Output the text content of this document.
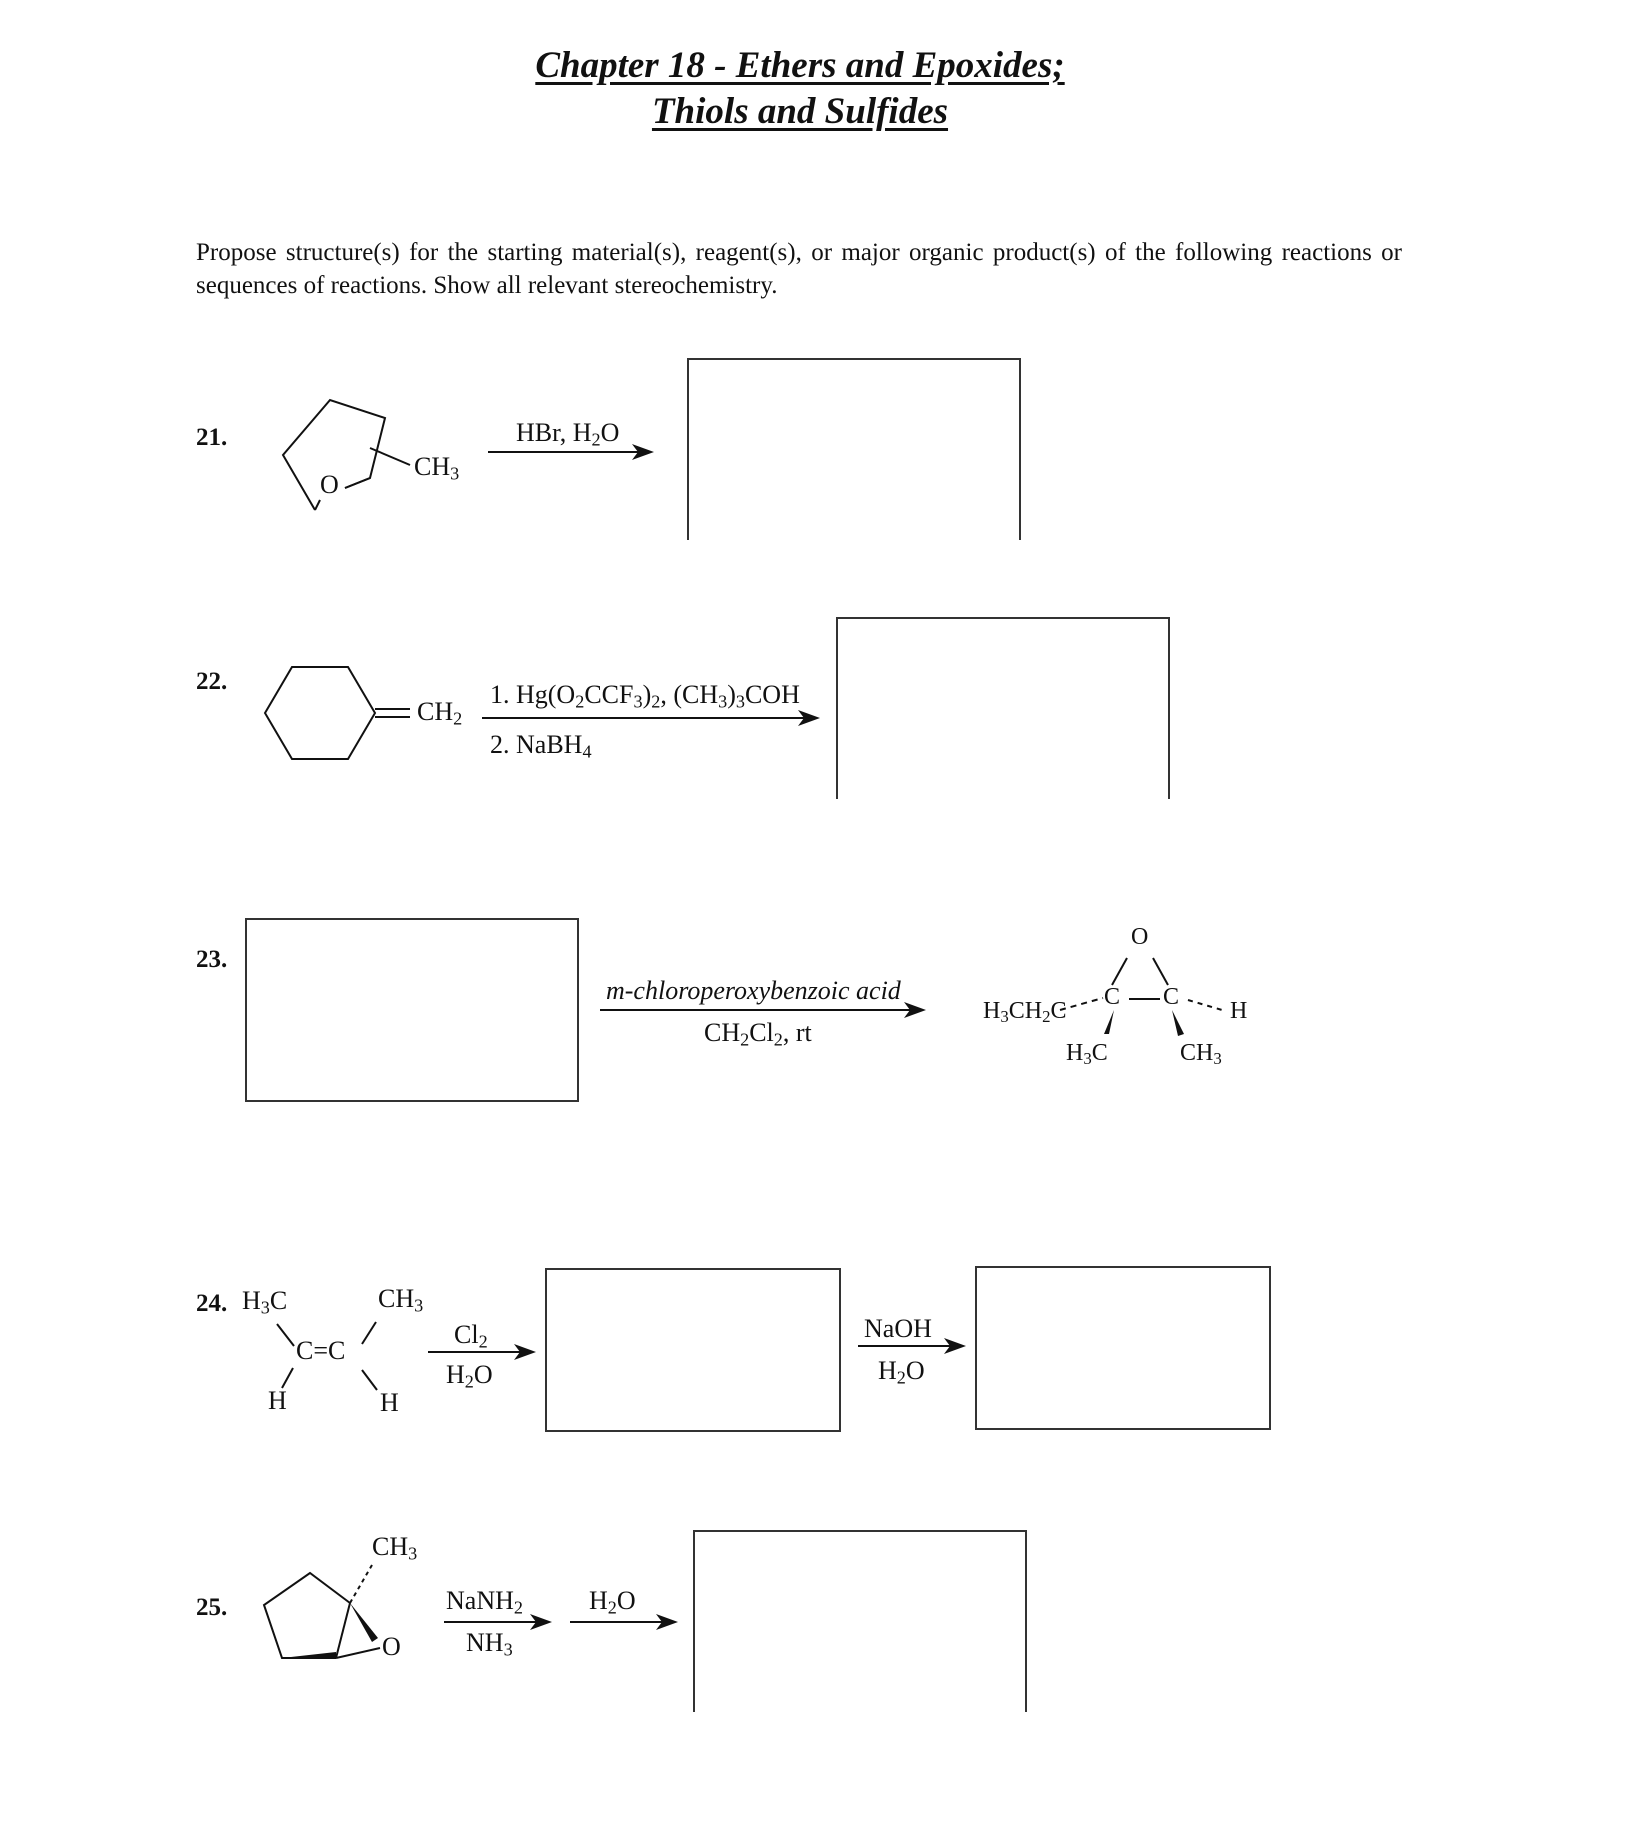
Chapter 18 - Ethers and Epoxides;
Thiols and Sulfides
Propose structure(s) for the starting material(s), reagent(s), or major organic product(s) of the following reactions or sequences of reactions. Show all relevant stereochemistry.
21.
O
$CH_3$
HBr, $H_2O$
22.
$CH_2$
1. $Hg(O_2CCF_3)_2$, $(CH_3)_3COH$
2. NaBH$_4$
23.
m-chloroperoxybenzoic acid
$CH_2Cl_2$, rt
O
$H_3CH_2C$
C C
H
$H_3C$	$CH_3$
24. $H_3C$	$CH_3$
C=C
H	H
$Cl_2$
$H_2O$
NaOH
$H_2O$
25.
$CH_3$
O
NaNH$_2$
$NH_3$
$H_2O$
